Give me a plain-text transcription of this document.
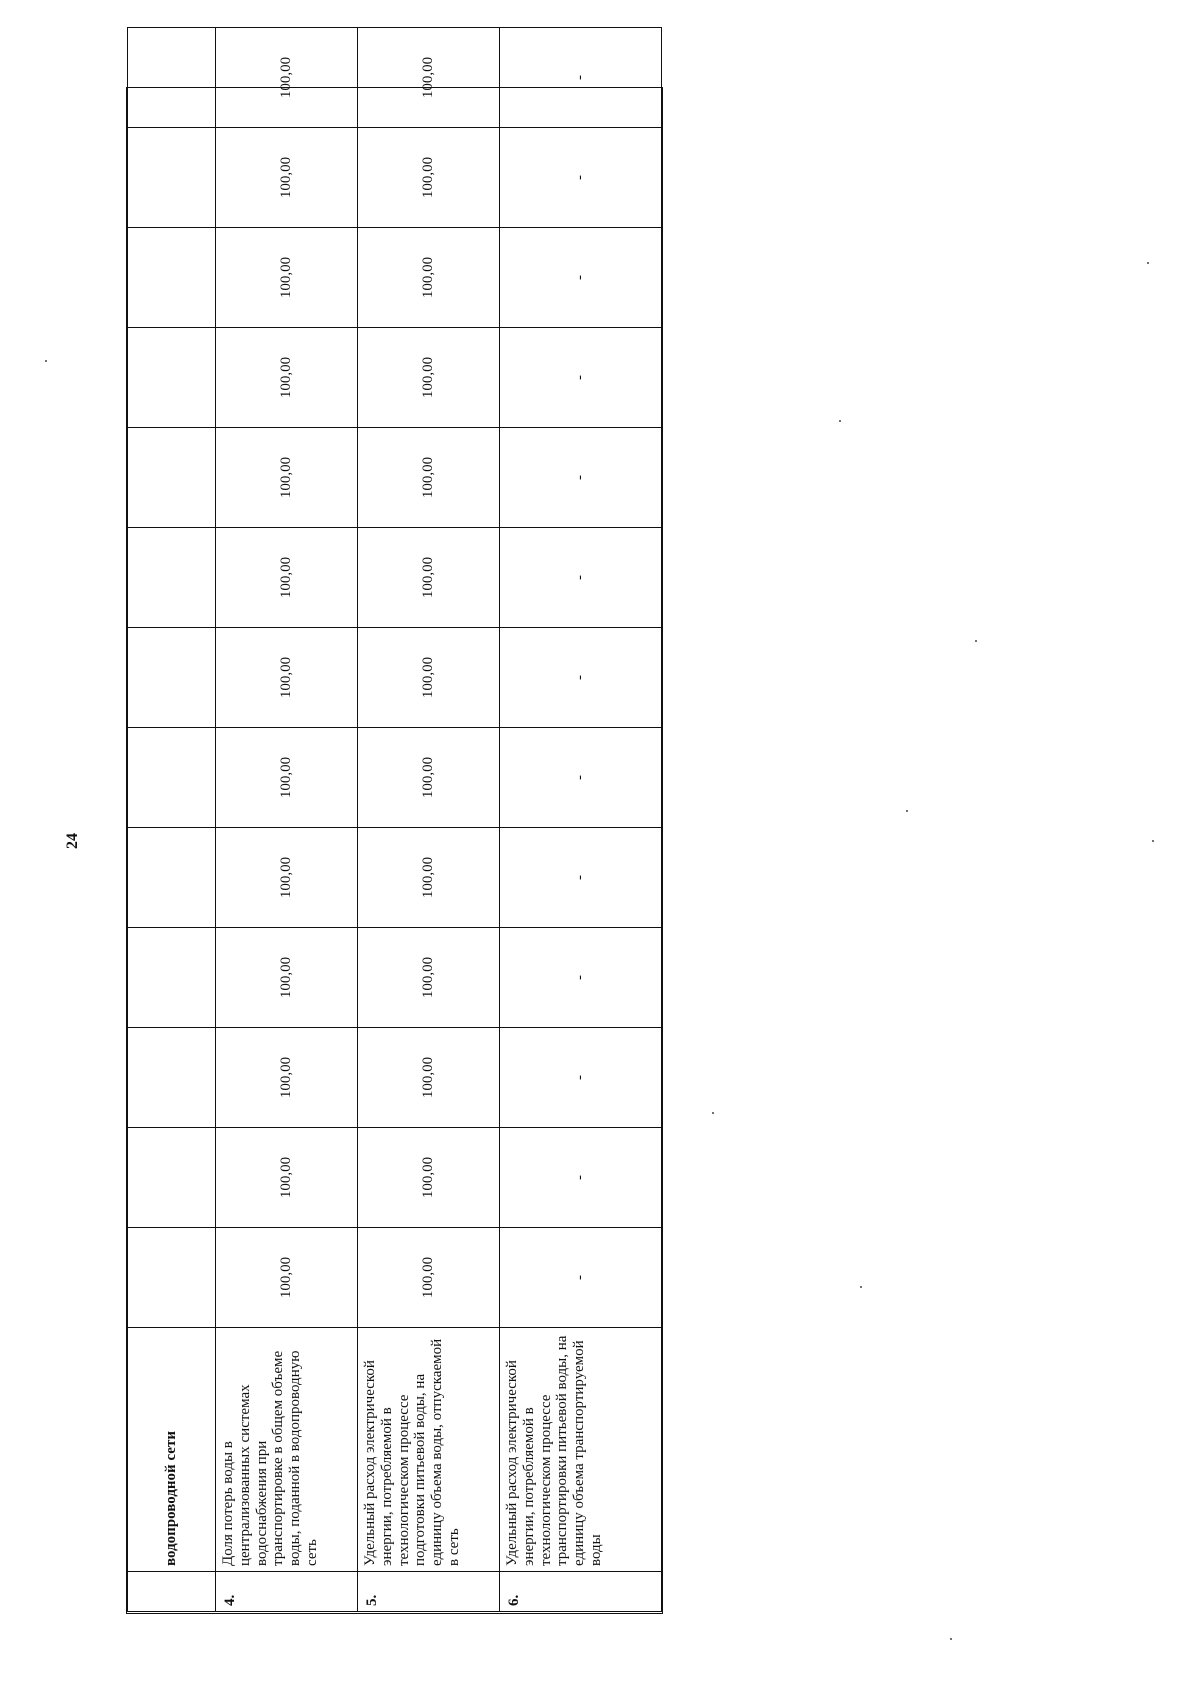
24
	водопроводной сети													
4.	Доля потерь воды в централизованных системах водоснабжения при транспортировке в общем объеме воды, поданной в водопроводную сеть	100,00	100,00	100,00	100,00	100,00	100,00	100,00	100,00	100,00	100,00	100,00	100,00	100,00
5.	Удельный расход электрической энергии, потребляемой в технологическом процессе подготовки питьевой воды, на единицу объема воды, отпускаемой в сеть	100,00	100,00	100,00	100,00	100,00	100,00	100,00	100,00	100,00	100,00	100,00	100,00	100,00
6.	Удельный расход электрической энергии, потребляемой в технологическом процессе транспортировки питьевой воды, на единицу объема транспортируемой воды	-	-	-	-	-	-	-	-	-	-	-	-	-
